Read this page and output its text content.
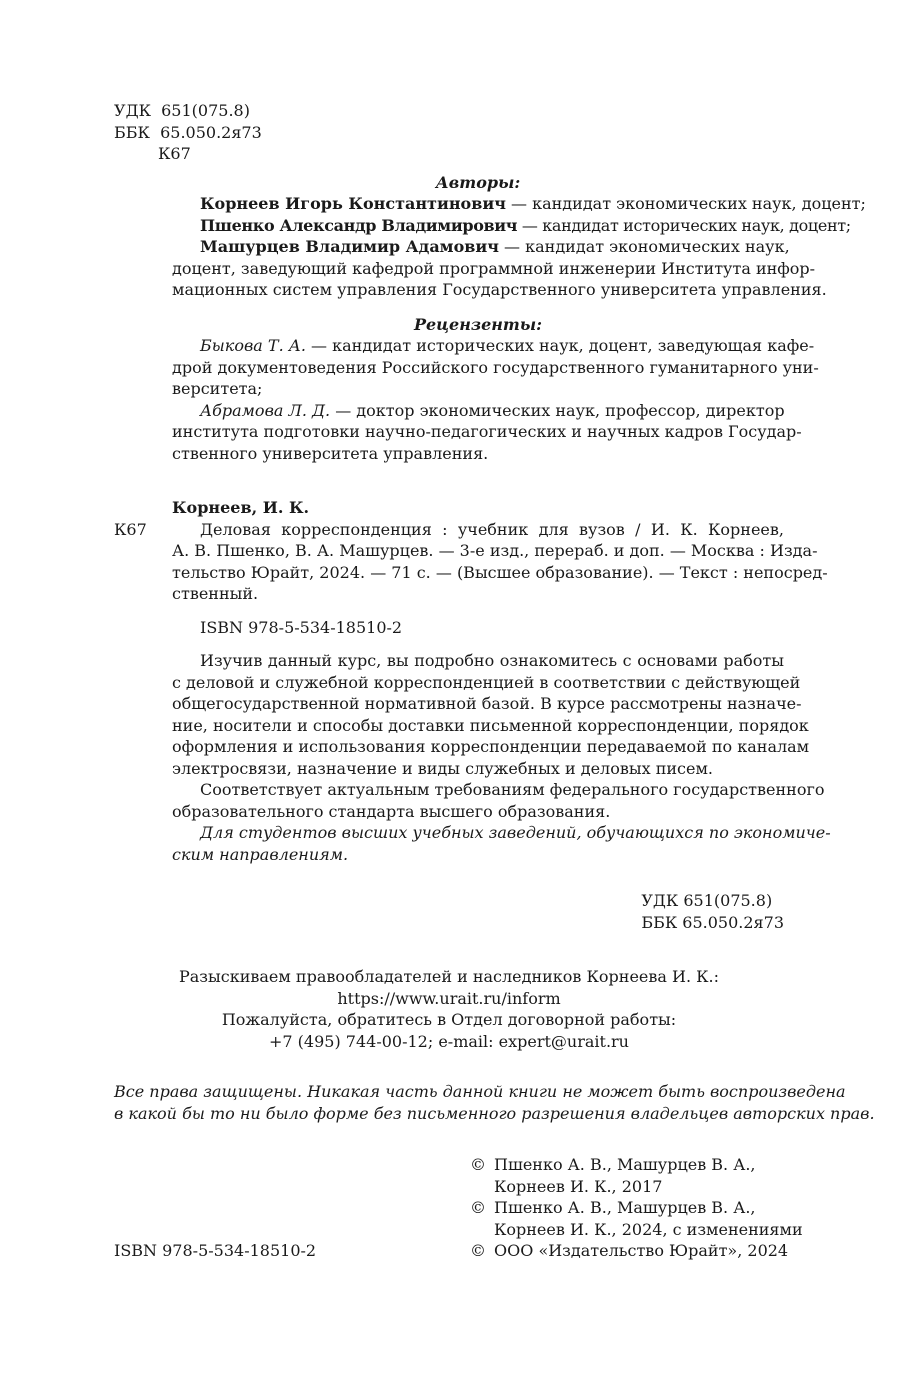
УДК 651(075.8)
ББК 65.050.2я73
К67
Авторы:
Корнеев Игорь Константинович — кандидат экономических наук, доцент;
Пшенко Александр Владимирович — кандидат исторических наук, доцент;
Машурцев Владимир Адамович — кандидат экономических наук,
доцент, заведующий кафедрой программной инженерии Института инфор-
мационных систем управления Государственного университета управления.
Рецензенты:
Быкова Т. А. — кандидат исторических наук, доцент, заведующая кафе-
дрой документоведения Российского государственного гуманитарного уни-
верситета;
Абрамова Л. Д. — доктор экономических наук, профессор, директор
института подготовки научно-педагогических и научных кадров Государ-
ственного университета управления.
Корнеев, И. К.
К67	Деловая корреспонденция : учебник для вузов / И. К. Корнеев,
А. В. Пшенко, В. А. Машурцев. — 3-е изд., перераб. и доп. — Москва : Изда-
тельство Юрайт, 2024. — 71 с. — (Высшее образование). — Текст : непосред-
ственный.
ISBN 978-5-534-18510-2
Изучив данный курс, вы подробно ознакомитесь с основами работы
с деловой и служебной корреспонденцией в соответствии с действующей
общегосударственной нормативной базой. В курсе рассмотрены назначе-
ние, носители и способы доставки письменной корреспонденции, порядок
оформления и использования корреспонденции передаваемой по каналам
электросвязи, назначение и виды служебных и деловых писем.
Соответствует актуальным требованиям федерального государственного
образовательного стандарта высшего образования.
Для студентов высших учебных заведений, обучающихся по экономиче-
ским направлениям.
УДК 651(075.8)
ББК 65.050.2я73
Разыскиваем правообладателей и наследников Корнеева И. К.:
https://www.urait.ru/inform
Пожалуйста, обратитесь в Отдел договорной работы:
+7 (495) 744-00-12; e-mail: expert@urait.ru
Все права защищены. Никакая часть данной книги не может быть воспроизведена
в какой бы то ни было форме без письменного разрешения владельцев авторских прав.
© Пшенко А. В., Машурцев В. А.,
Корнеев И. К., 2017
© Пшенко А. В., Машурцев В. А.,
Корнеев И. К., 2024, с изменениями
© ООО «Издательство Юрайт», 2024
ISBN 978-5-534-18510-2
